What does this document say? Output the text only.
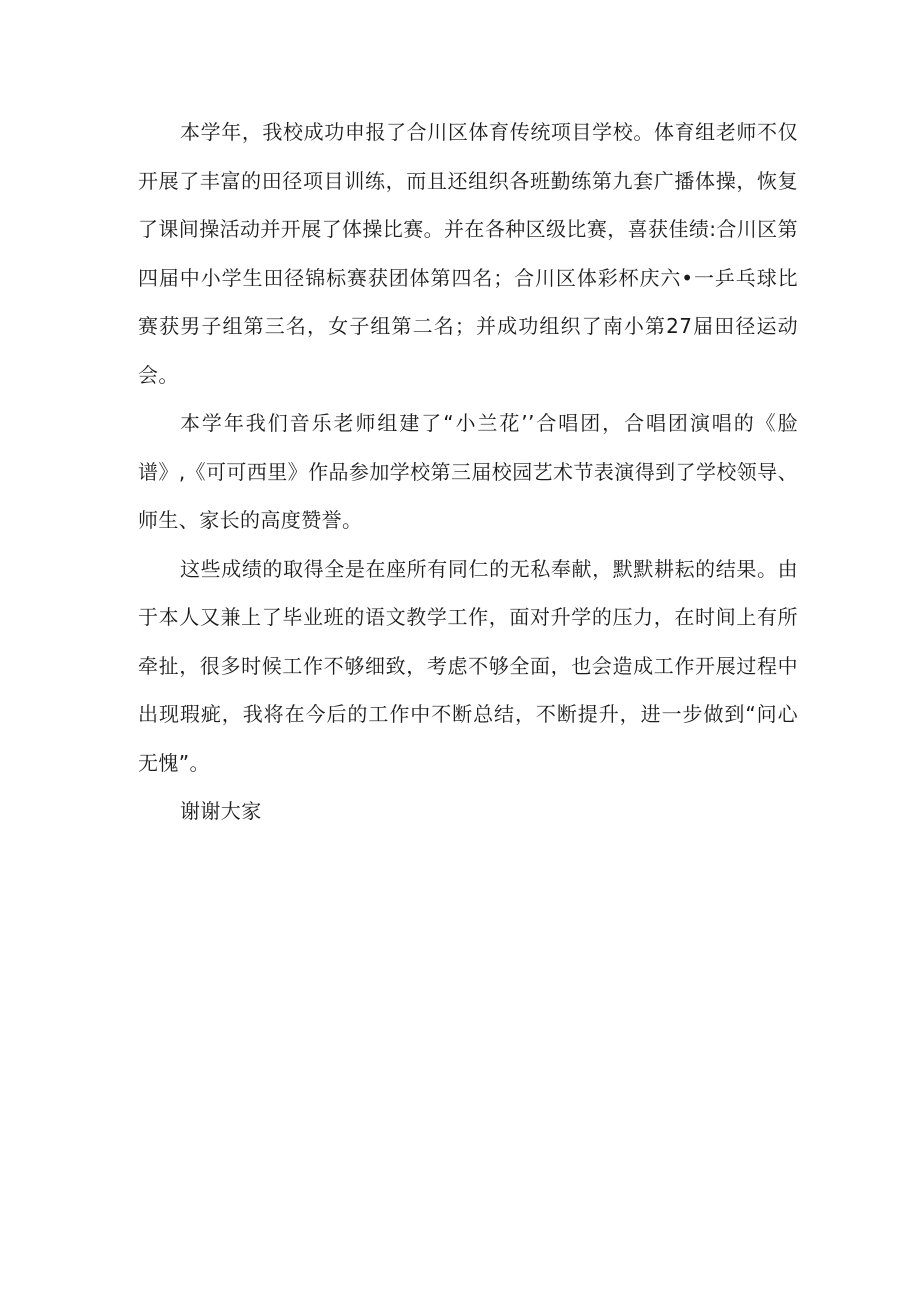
本学年，我校成功申报了合川区体育传统项目学校。体育组老师不仅开展了丰富的田径项目训练，而且还组织各班勤练第九套广播体操，恢复了课间操活动并开展了体操比赛。并在各种区级比赛，喜获佳绩:合川区第四届中小学生田径锦标赛获团体第四名；合川区体彩杯庆六•一乒乓球比赛获男子组第三名，女子组第二名；并成功组织了南小第27届田径运动会。

本学年我们音乐老师组建了“小兰花’’合唱团，合唱团演唱的《脸谱》,《可可西里》作品参加学校第三届校园艺术节表演得到了学校领导、师生、家长的高度赞誉。

这些成绩的取得全是在座所有同仁的无私奉献，默默耕耘的结果。由于本人又兼上了毕业班的语文教学工作，面对升学的压力，在时间上有所牵扯，很多时候工作不够细致，考虑不够全面，也会造成工作开展过程中出现瑕疵，我将在今后的工作中不断总结，不断提升，进一步做到“问心无愧”。

谢谢大家
